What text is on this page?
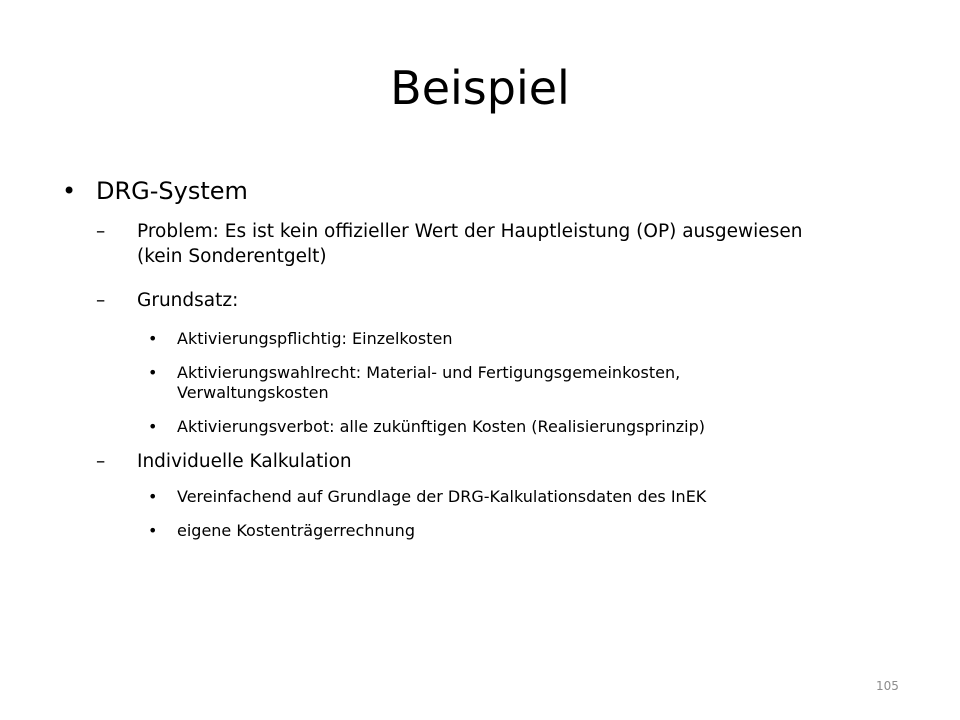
Beispiel
• DRG-System
– Problem: Es ist kein offizieller Wert der Hauptleistung (OP) ausgewiesen (kein Sonderentgelt)
– Grundsatz:
• Aktivierungspflichtig: Einzelkosten
• Aktivierungswahlrecht: Material- und Fertigungsgemeinkosten, Verwaltungskosten
• Aktivierungsverbot: alle zukünftigen Kosten (Realisierungsprinzip)
– Individuelle Kalkulation
• Vereinfachend auf Grundlage der DRG-Kalkulationsdaten des InEK
• eigene Kostenträgerrechnung
105
